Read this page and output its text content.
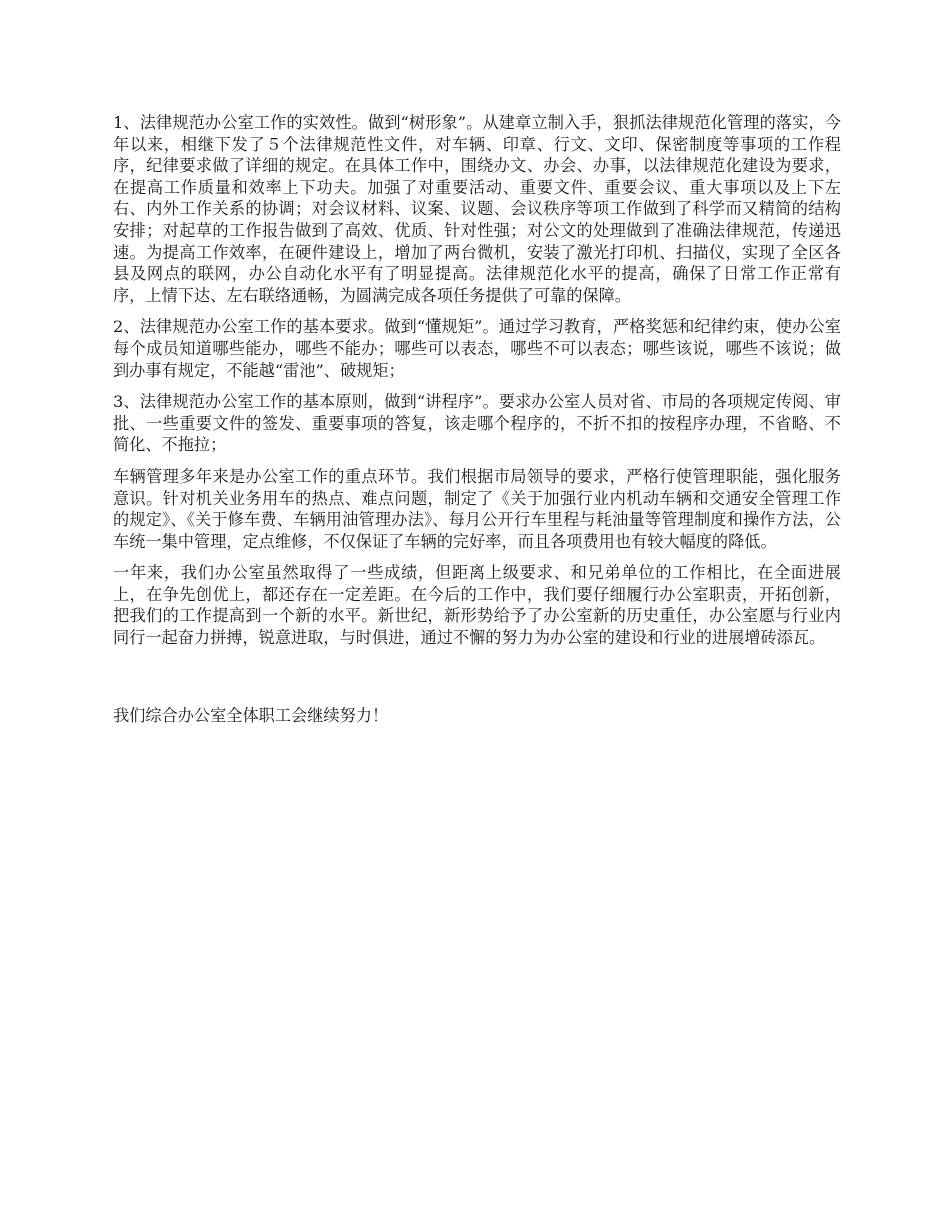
1、法律规范办公室工作的实效性。做到“树形象”。从建章立制入手，狠抓法律规范化管理的落实，今年以来，相继下发了５个法律规范性文件，对车辆、印章、行文、文印、保密制度等事项的工作程序，纪律要求做了详细的规定。在具体工作中，围绕办文、办会、办事，以法律规范化建设为要求，在提高工作质量和效率上下功夫。加强了对重要活动、重要文件、重要会议、重大事项以及上下左右、内外工作关系的协调；对会议材料、议案、议题、会议秩序等项工作做到了科学而又精简的结构安排；对起草的工作报告做到了高效、优质、针对性强；对公文的处理做到了准确法律规范，传递迅速。为提高工作效率，在硬件建设上，增加了两台微机，安装了激光打印机、扫描仪，实现了全区各县及网点的联网，办公自动化水平有了明显提高。法律规范化水平的提高，确保了日常工作正常有序，上情下达、左右联络通畅，为圆满完成各项任务提供了可靠的保障。

2、法律规范办公室工作的基本要求。做到“懂规矩”。通过学习教育，严格奖惩和纪律约束，使办公室每个成员知道哪些能办，哪些不能办；哪些可以表态，哪些不可以表态；哪些该说，哪些不该说；做到办事有规定，不能越“雷池”、破规矩；

3、法律规范办公室工作的基本原则，做到“讲程序”。要求办公室人员对省、市局的各项规定传阅、审批、一些重要文件的签发、重要事项的答复，该走哪个程序的，不折不扣的按程序办理，不省略、不简化、不拖拉；

车辆管理多年来是办公室工作的重点环节。我们根据市局领导的要求，严格行使管理职能，强化服务意识。针对机关业务用车的热点、难点问题，制定了《关于加强行业内机动车辆和交通安全管理工作的规定》、《关于修车费、车辆用油管理办法》、每月公开行车里程与耗油量等管理制度和操作方法，公车统一集中管理，定点维修，不仅保证了车辆的完好率，而且各项费用也有较大幅度的降低。

一年来，我们办公室虽然取得了一些成绩，但距离上级要求、和兄弟单位的工作相比，在全面进展上，在争先创优上，都还存在一定差距。在今后的工作中，我们要仔细履行办公室职责，开拓创新，把我们的工作提高到一个新的水平。新世纪，新形势给予了办公室新的历史重任，办公室愿与行业内同行一起奋力拼搏，锐意进取，与时俱进，通过不懈的努力为办公室的建设和行业的进展增砖添瓦。

我们综合办公室全体职工会继续努力！
